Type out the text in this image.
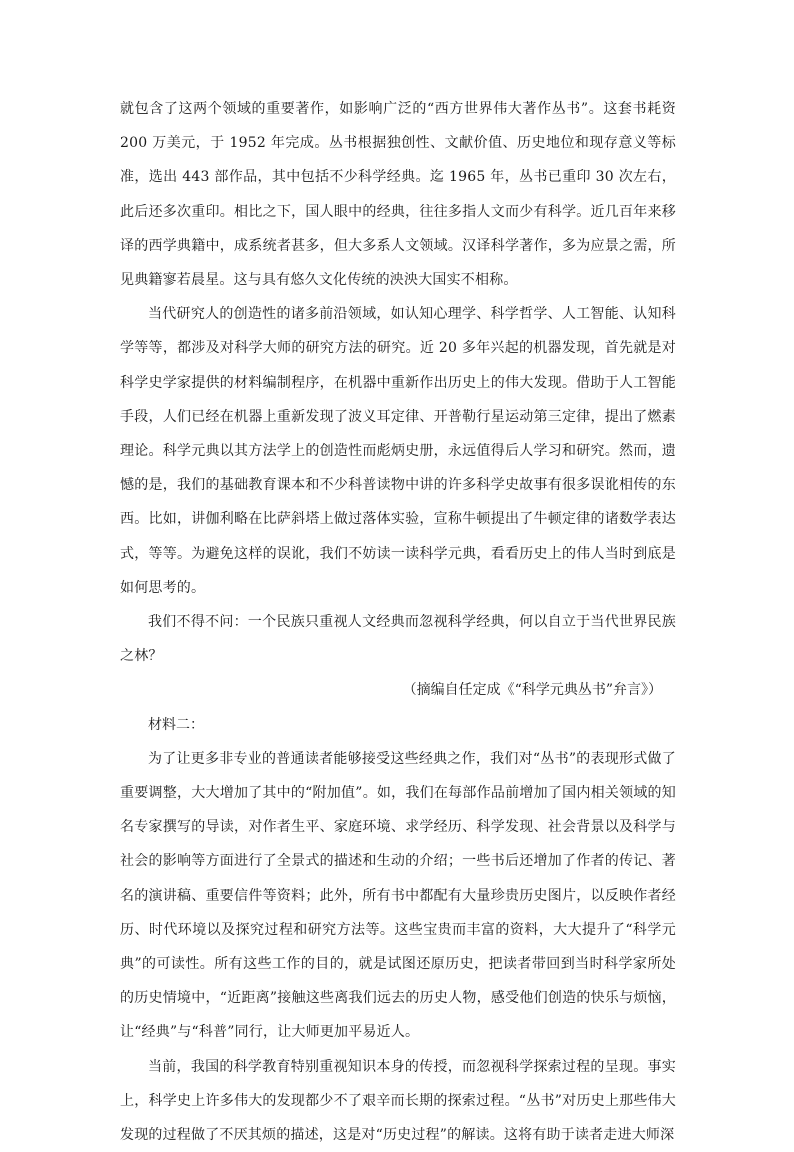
就包含了这两个领域的重要著作，如影响广泛的“西方世界伟大著作丛书”。这套书耗资 200 万美元，于 1952 年完成。丛书根据独创性、文献价值、历史地位和现存意义等标准，选出 443 部作品，其中包括不少科学经典。迄 1965 年，丛书已重印 30 次左右，此后还多次重印。相比之下，国人眼中的经典，往往多指人文而少有科学。近几百年来移译的西学典籍中，成系统者甚多，但大多系人文领域。汉译科学著作，多为应景之需，所见典籍寥若晨星。这与具有悠久文化传统的泱泱大国实不相称。

当代研究人的创造性的诸多前沿领域，如认知心理学、科学哲学、人工智能、认知科学等等，都涉及对科学大师的研究方法的研究。近 20 多年兴起的机器发现，首先就是对科学史学家提供的材料编制程序，在机器中重新作出历史上的伟大发现。借助于人工智能手段，人们已经在机器上重新发现了波义耳定律、开普勒行星运动第三定律，提出了燃素理论。科学元典以其方法学上的创造性而彪炳史册，永远值得后人学习和研究。然而，遗憾的是，我们的基础教育课本和不少科普读物中讲的许多科学史故事有很多误讹相传的东西。比如，讲伽利略在比萨斜塔上做过落体实验，宣称牛顿提出了牛顿定律的诸数学表达式，等等。为避免这样的误讹，我们不妨读一读科学元典，看看历史上的伟人当时到底是如何思考的。

我们不得不问：一个民族只重视人文经典而忽视科学经典，何以自立于当代世界民族之林？

（摘编自任定成《“科学元典丛书”弁言》）

材料二：

为了让更多非专业的普通读者能够接受这些经典之作，我们对“丛书”的表现形式做了重要调整，大大增加了其中的“附加值”。如，我们在每部作品前增加了国内相关领域的知名专家撰写的导读，对作者生平、家庭环境、求学经历、科学发现、社会背景以及科学与社会的影响等方面进行了全景式的描述和生动的介绍；一些书后还增加了作者的传记、著名的演讲稿、重要信件等资料；此外，所有书中都配有大量珍贵历史图片，以反映作者经历、时代环境以及探究过程和研究方法等。这些宝贵而丰富的资料，大大提升了“科学元典”的可读性。所有这些工作的目的，就是试图还原历史，把读者带回到当时科学家所处的历史情境中，“近距离”接触这些离我们远去的历史人物，感受他们创造的快乐与烦恼，让“经典”与“科普”同行，让大师更加平易近人。

当前，我国的科学教育特别重视知识本身的传授，而忽视科学探索过程的呈现。事实上，科学史上许多伟大的发现都少不了艰辛而长期的探索过程。“丛书”对历史上那些伟大发现的过程做了不厌其烦的描述，这是对“历史过程”的解读。这将有助于读者走进大师深
